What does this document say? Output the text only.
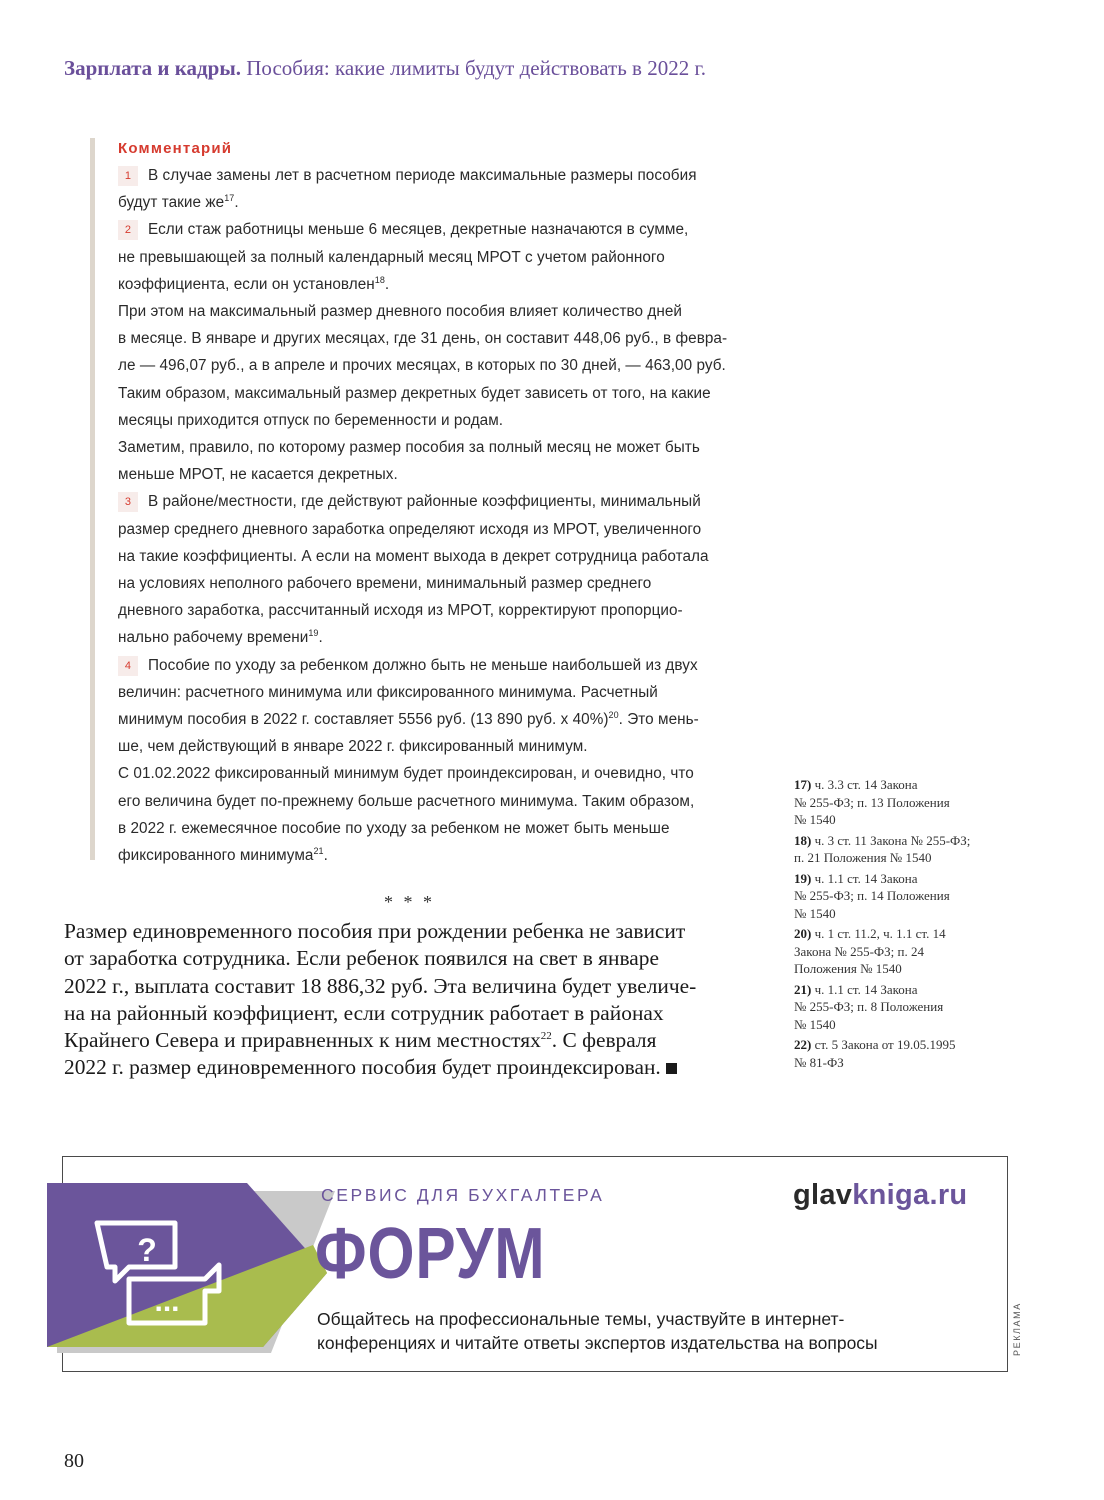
Зарплата и кадры. Пособия: какие лимиты будут действовать в 2022 г.
Комментарий
1 В случае замены лет в расчетном периоде максимальные размеры пособия
будут такие $же^{17}$.
2 Если стаж работницы меньше 6 месяцев, декретные назначаются в сумме,
не превышающей за полный календарный месяц МРОТ с учетом районного
коэффициента, если он установлен$^{18}$.
При этом на максимальный размер дневного пособия влияет количество дней
в месяце. В январе и других месяцах, где 31 день, он составит 448,06 руб., в февра-
ле — 496,07 руб., а в апреле и прочих месяцах, в которых по 30 дней, — 463,00 руб.
Таким образом, максимальный размер декретных будет зависеть от того, на какие
месяцы приходится отпуск по беременности и родам.
Заметим, правило, по которому размер пособия за полный месяц не может быть
меньше МРОТ, не касается декретных.
3 В районе/местности, где действуют районные коэффициенты, минимальный
размер среднего дневного заработка определяют исходя из МРОТ, увеличенного
на такие коэффициенты. А если на момент выхода в декрет сотрудница работала
на условиях неполного рабочего времени, минимальный размер среднего
дневного заработка, рассчитанный исходя из МРОТ, корректируют пропорцио-
нально рабочему времени$^{19}$.
4 Пособие по уходу за ребенком должно быть не меньше наибольшей из двух
величин: расчетного минимума или фиксированного минимума. Расчетный
минимум пособия в 2022 г. составляет 5556 руб. (13 890 руб. х 40%)$^{20}$. Это мень-
ше, чем действующий в январе 2022 г. фиксированный минимум.
С 01.02.2022 фиксированный минимум будет проиндексирован, и очевидно, что
его величина будет по-прежнему больше расчетного минимума. Таким образом,
в 2022 г. ежемесячное пособие по уходу за ребенком не может быть меньше
фиксированного минимума$^{21}$.
* * *
Размер единовременного пособия при рождении ребенка не зависит
от заработка сотрудника. Если ребенок появился на свет в январе
2022 г., выплата составит 18 886,32 руб. Эта величина будет увеличе-
на на районный коэффициент, если сотрудник работает в районах
Крайнего Севера и приравненных к ним местностях$^{22}$. С февраля
2022 г. размер единовременного пособия будет проиндексирован.
17) ч. 3.3 ст. 14 Закона
№ 255-ФЗ; п. 13 Положения
№ 1540
18) ч. 3 ст. 11 Закона № 255-ФЗ;
п. 21 Положения № 1540
19) ч. 1.1 ст. 14 Закона
№ 255-ФЗ; п. 14 Положения
№ 1540
20) ч. 1 ст. 11.2, ч. 1.1 ст. 14
Закона № 255-ФЗ; п. 24
Положения № 1540
21) ч. 1.1 ст. 14 Закона
№ 255-ФЗ; п. 8 Положения
№ 1540
22) ст. 5 Закона от 19.05.1995
№ 81-ФЗ
?
...
СЕРВИС ДЛЯ БУХГАЛТЕРА	glavkniga.ru
ФОРУМ
Общайтесь на профессиональные темы, участвуйте в интернет-
конференциях и читайте ответы экспертов издательства на вопросы	РЕКЛАМА
80
